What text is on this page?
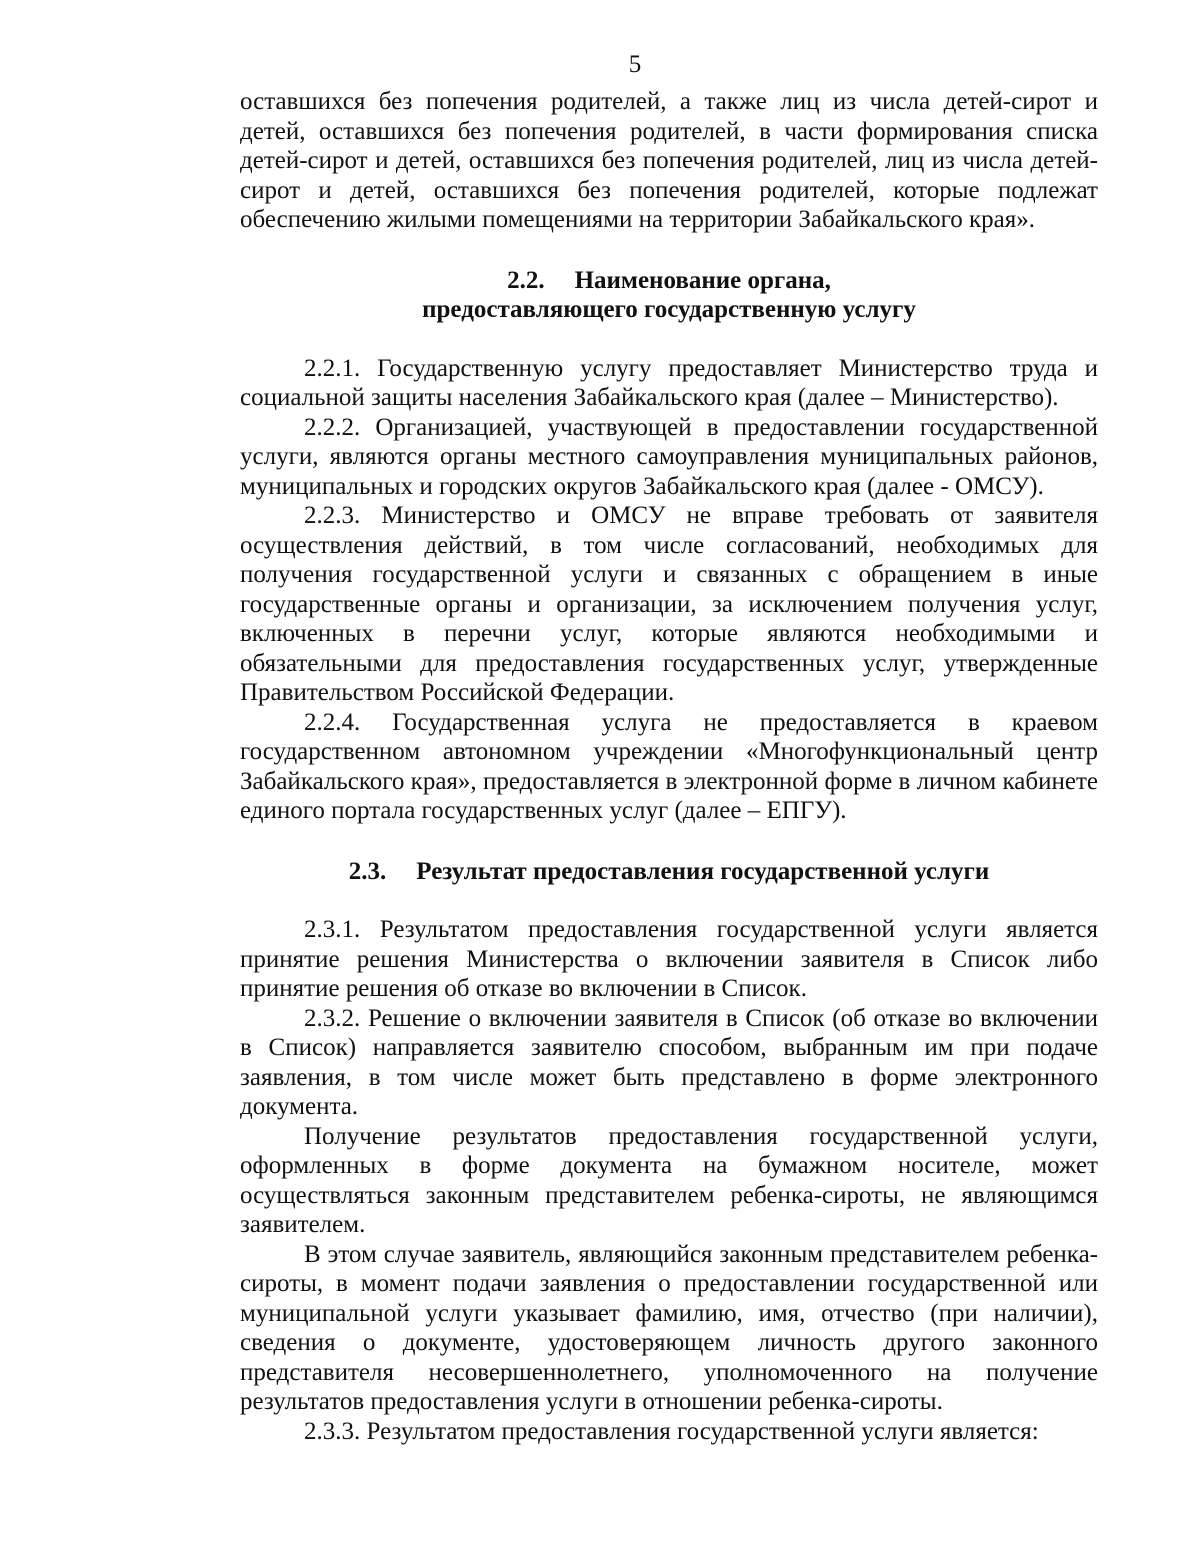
5

оставшихся без попечения родителей, а также лиц из числа детей-сирот и детей, оставшихся без попечения родителей, в части формирования списка детей-сирот и детей, оставшихся без попечения родителей, лиц из числа детей-сирот и детей, оставшихся без попечения родителей, которые подлежат обеспечению жилыми помещениями на территории Забайкальского края».

2.2. Наименование органа,
предоставляющего государственную услугу

2.2.1. Государственную услугу предоставляет Министерство труда и социальной защиты населения Забайкальского края (далее – Министерство).

2.2.2. Организацией, участвующей в предоставлении государственной услуги, являются органы местного самоуправления муниципальных районов, муниципальных и городских округов Забайкальского края (далее - ОМСУ).

2.2.3. Министерство и ОМСУ не вправе требовать от заявителя осуществления действий, в том числе согласований, необходимых для получения государственной услуги и связанных с обращением в иные государственные органы и организации, за исключением получения услуг, включенных в перечни услуг, которые являются необходимыми и обязательными для предоставления государственных услуг, утвержденные Правительством Российской Федерации.

2.2.4. Государственная услуга не предоставляется в краевом государственном автономном учреждении «Многофункциональный центр Забайкальского края», предоставляется в электронной форме в личном кабинете единого портала государственных услуг (далее – ЕПГУ).

2.3. Результат предоставления государственной услуги

2.3.1. Результатом предоставления государственной услуги является принятие решения Министерства о включении заявителя в Список либо принятие решения об отказе во включении в Список.

2.3.2. Решение о включении заявителя в Список (об отказе во включении в Список) направляется заявителю способом, выбранным им при подаче заявления, в том числе может быть представлено в форме электронного документа.

Получение результатов предоставления государственной услуги, оформленных в форме документа на бумажном носителе, может осуществляться законным представителем ребенка-сироты, не являющимся заявителем.

В этом случае заявитель, являющийся законным представителем ребенка-сироты, в момент подачи заявления о предоставлении государственной или муниципальной услуги указывает фамилию, имя, отчество (при наличии), сведения о документе, удостоверяющем личность другого законного представителя несовершеннолетнего, уполномоченного на получение результатов предоставления услуги в отношении ребенка-сироты.

2.3.3. Результатом предоставления государственной услуги является:
